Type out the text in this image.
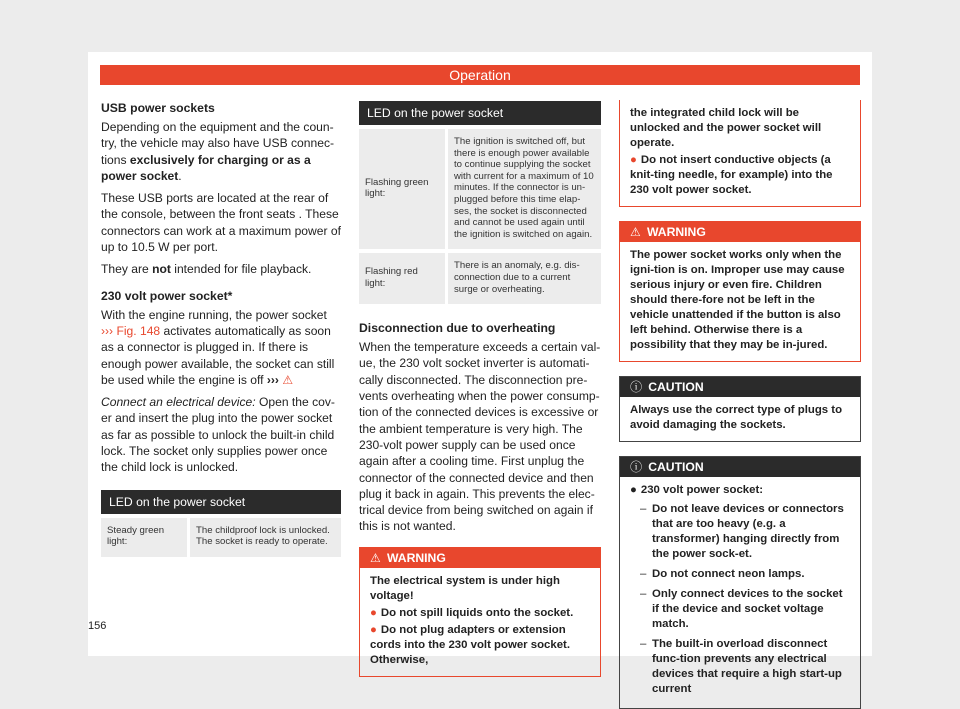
Operation
USB power sockets

Depending on the equipment and the coun-try, the vehicle may also have USB connec-tions exclusively for charging or as a power socket.

These USB ports are located at the rear of the console, between the front seats . These connectors can work at a maximum power of up to 10.5 W per port.

They are not intended for file playback.

230 volt power socket*

With the engine running, the power socket ››› Fig. 148 activates automatically as soon as a connector is plugged in. If there is enough power available, the socket can still be used while the engine is off ››› ⚠

Connect an electrical device: Open the cov-er and insert the plug into the power socket as far as possible to unlock the built-in child lock. The socket only supplies power once the child lock is unlocked.

LED on the power socket
Steady green light:	The childproof lock is unlocked. The socket is ready to operate.
LED on the power socket	
Flashing green light:	The ignition is switched off, but there is enough power available to continue supplying the socket with current for a maximum of 10 minutes. If the connector is un-plugged before this time elap-ses, the socket is disconnected and cannot be used again until the ignition is switched on again.
Flashing red light:	There is an anomaly, e.g. dis-connection due to a current surge or overheating.
Disconnection due to overheating

When the temperature exceeds a certain val-ue, the 230 volt socket inverter is automati-cally disconnected. The disconnection pre-vents overheating when the power consump-tion of the connected devices is excessive or the ambient temperature is very high. The 230-volt power supply can be used once again after a cooling time. First unplug the connector of the connected device and then plug it back in again. This prevents the elec-trical device from being switched on again if this is not wanted.

⚠ WARNING

The electrical system is under high voltage!

● Do not spill liquids onto the socket.

● Do not plug adapters or extension cords into the 230 volt power socket. Otherwise,

the integrated child lock will be unlocked and the power socket will operate.

● Do not insert conductive objects (a knit-ting needle, for example) into the 230 volt power socket.

⚠ WARNING

The power socket works only when the igni-tion is on. Improper use may cause serious injury or even fire. Children should there-fore not be left in the vehicle unattended if the button is also left behind. Otherwise there is a possibility that they may be in-jured.

ⓘ CAUTION

Always use the correct type of plugs to avoid damaging the sockets.

ⓘ CAUTION

● 230 volt power socket:

– Do not leave devices or connectors that are too heavy (e.g. a transformer) hanging directly from the power sock-et.
– Do not connect neon lamps.
– Only connect devices to the socket if the device and socket voltage match.
– The built-in overload disconnect func-tion prevents any electrical devices that require a high start-up current
156
